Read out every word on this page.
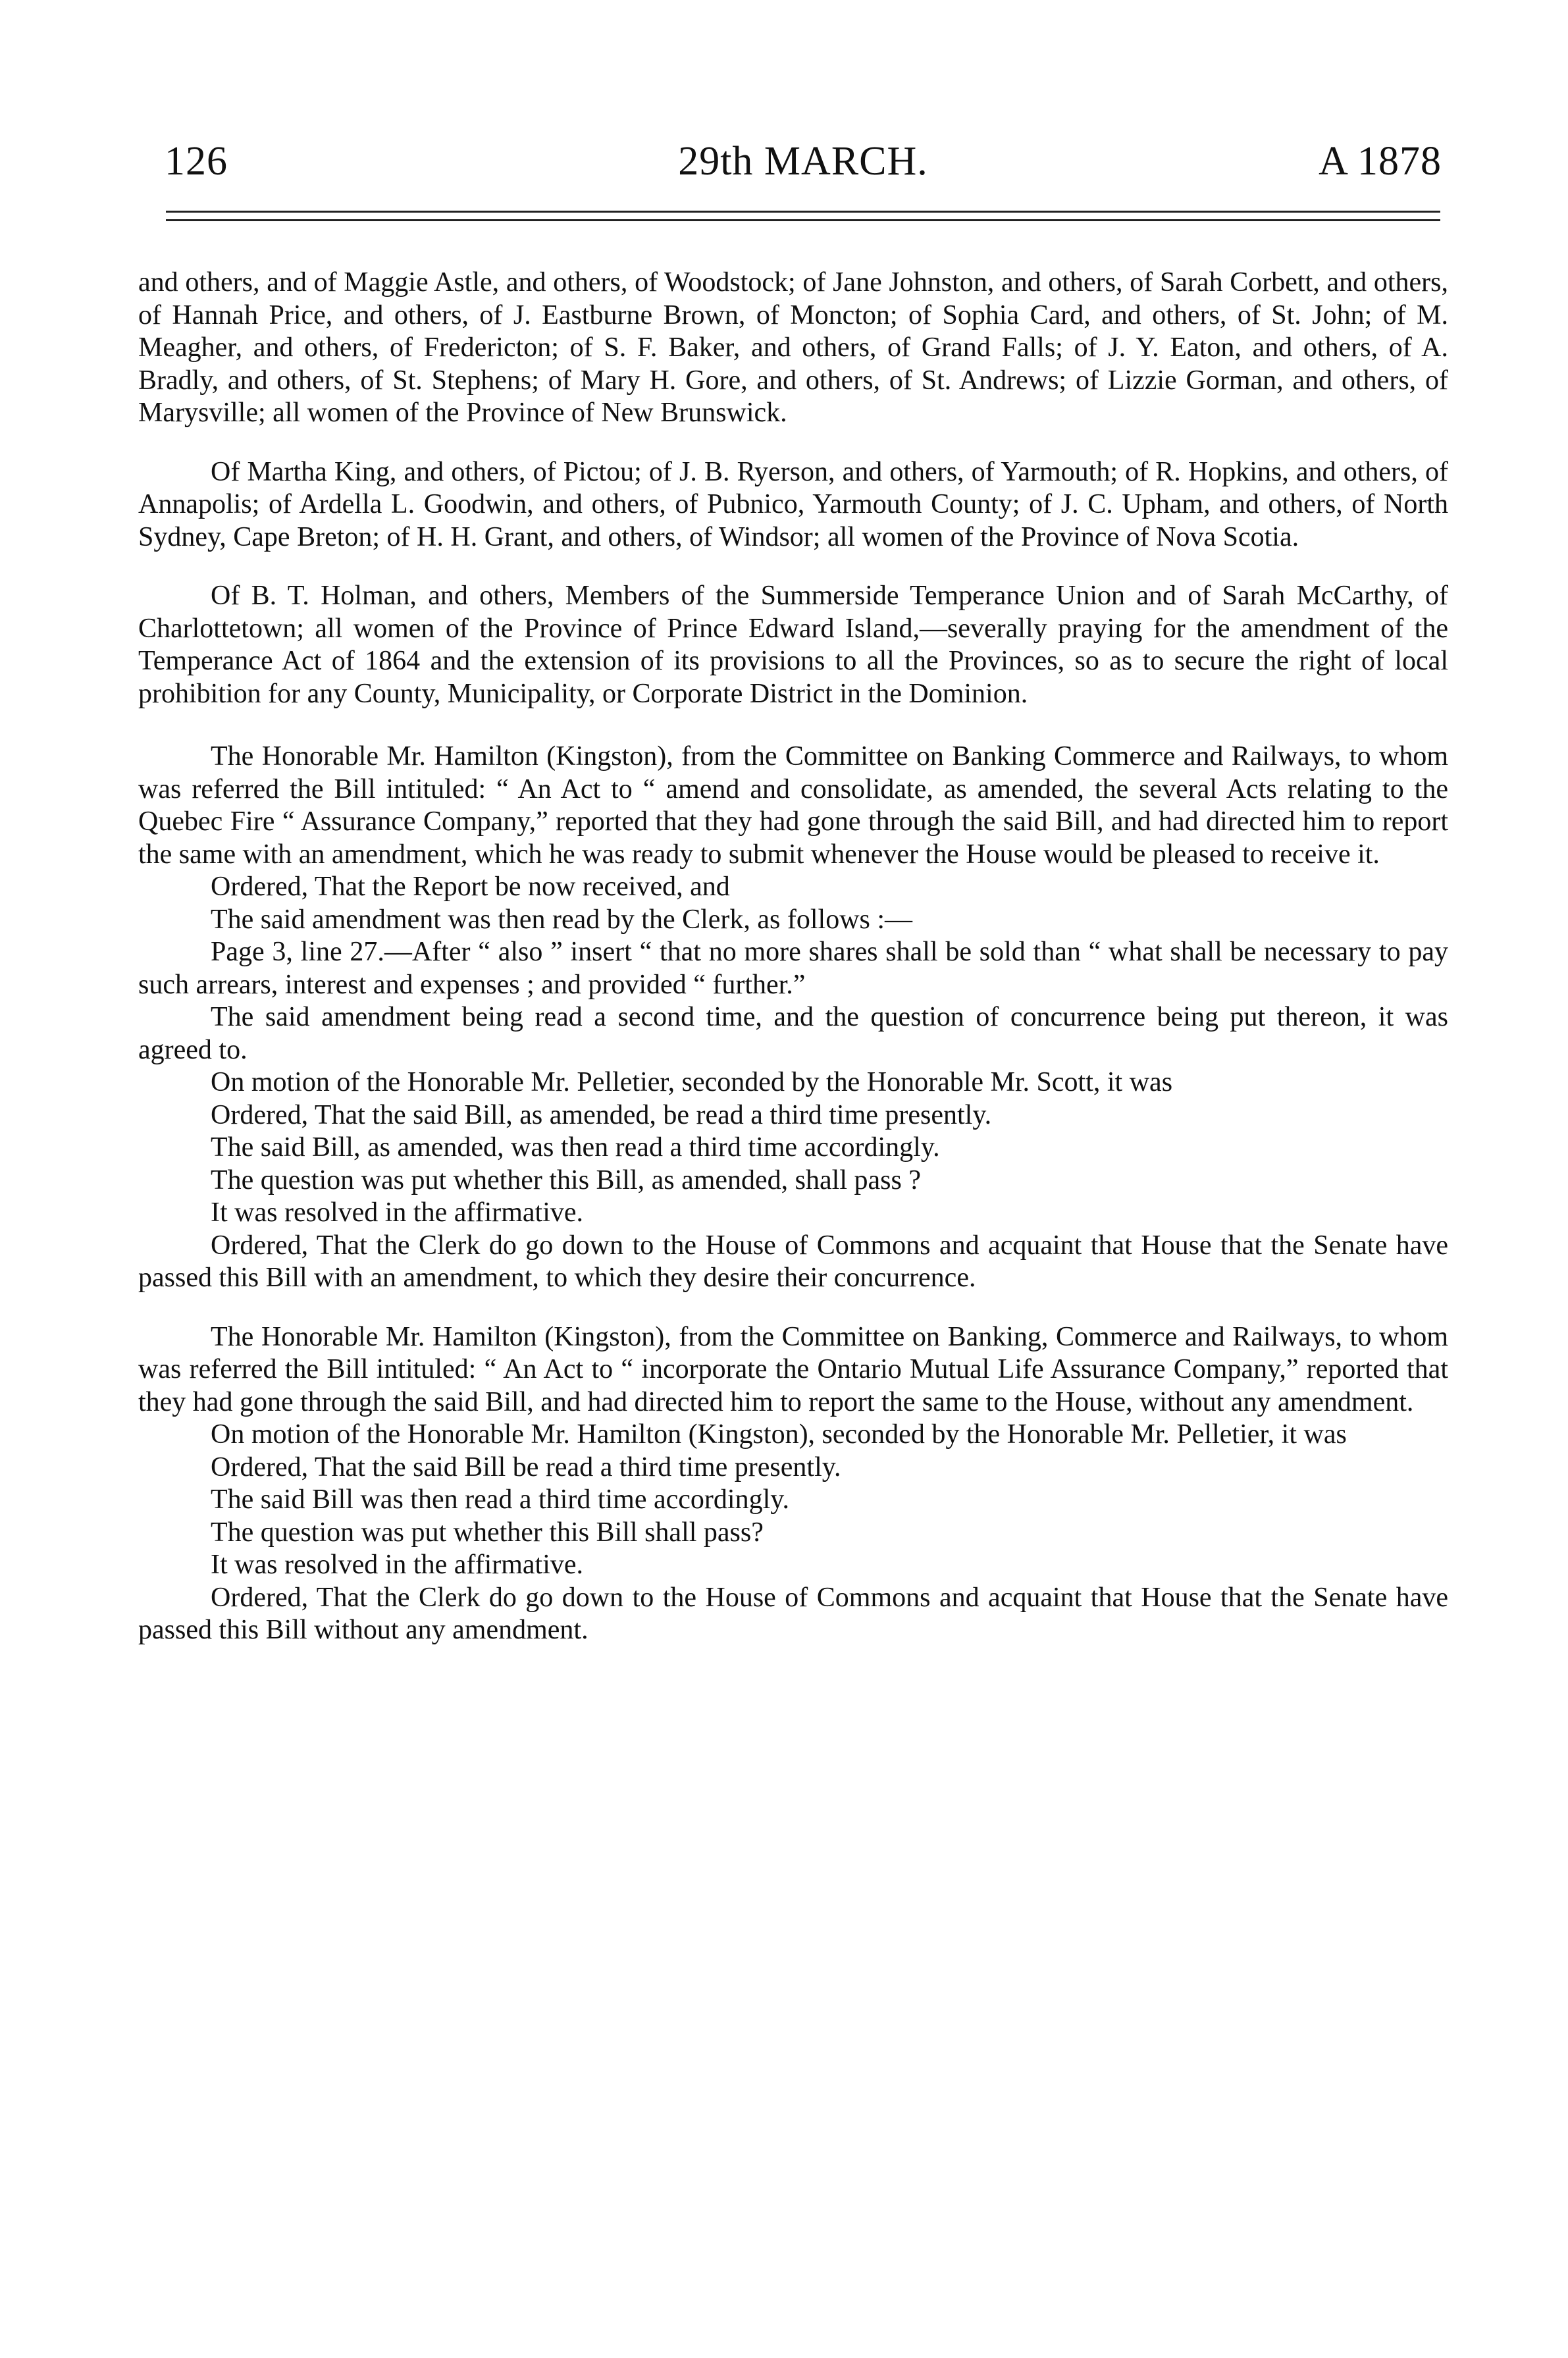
126	29th MARCH.	A 1878

and others, and of Maggie Astle, and others, of Woodstock; of Jane Johnston, and others, of Sarah Corbett, and others, of Hannah Price, and others, of J. Eastburne Brown, of Moncton; of Sophia Card, and others, of St. John; of M. Meagher, and others, of Fredericton; of S. F. Baker, and others, of Grand Falls; of J. Y. Eaton, and others, of A. Bradly, and others, of St. Stephens; of Mary H. Gore, and others, of St. Andrews; of Lizzie Gorman, and others, of Marysville; all women of the Province of New Brunswick.

Of Martha King, and others, of Pictou; of J. B. Ryerson, and others, of Yarmouth; of R. Hopkins, and others, of Annapolis; of Ardella L. Goodwin, and others, of Pubnico, Yarmouth County; of J. C. Upham, and others, of North Sydney, Cape Breton; of H. H. Grant, and others, of Windsor; all women of the Province of Nova Scotia.

Of B. T. Holman, and others, Members of the Summerside Temperance Union and of Sarah McCarthy, of Charlottetown; all women of the Province of Prince Edward Island,—severally praying for the amendment of the Temperance Act of 1864 and the extension of its provisions to all the Provinces, so as to secure the right of local prohibition for any County, Municipality, or Corporate District in the Dominion.

The Honorable Mr. Hamilton (Kingston), from the Committee on Banking Commerce and Railways, to whom was referred the Bill intituled: “ An Act to “ amend and consolidate, as amended, the several Acts relating to the Quebec Fire “ Assurance Company,” reported that they had gone through the said Bill, and had directed him to report the same with an amendment, which he was ready to submit whenever the House would be pleased to receive it.

Ordered, That the Report be now received, and

The said amendment was then read by the Clerk, as follows :—

Page 3, line 27.—After “ also ” insert “ that no more shares shall be sold than “ what shall be necessary to pay such arrears, interest and expenses ; and provided “ further.”

The said amendment being read a second time, and the question of concurrence being put thereon, it was agreed to.

On motion of the Honorable Mr. Pelletier, seconded by the Honorable Mr. Scott, it was

Ordered, That the said Bill, as amended, be read a third time presently.

The said Bill, as amended, was then read a third time accordingly.

The question was put whether this Bill, as amended, shall pass ?

It was resolved in the affirmative.

Ordered, That the Clerk do go down to the House of Commons and acquaint that House that the Senate have passed this Bill with an amendment, to which they desire their concurrence.

The Honorable Mr. Hamilton (Kingston), from the Committee on Banking, Commerce and Railways, to whom was referred the Bill intituled: “ An Act to “ incorporate the Ontario Mutual Life Assurance Company,” reported that they had gone through the said Bill, and had directed him to report the same to the House, without any amendment.

On motion of the Honorable Mr. Hamilton (Kingston), seconded by the Honorable Mr. Pelletier, it was

Ordered, That the said Bill be read a third time presently.

The said Bill was then read a third time accordingly.

The question was put whether this Bill shall pass?

It was resolved in the affirmative.

Ordered, That the Clerk do go down to the House of Commons and acquaint that House that the Senate have passed this Bill without any amendment.
